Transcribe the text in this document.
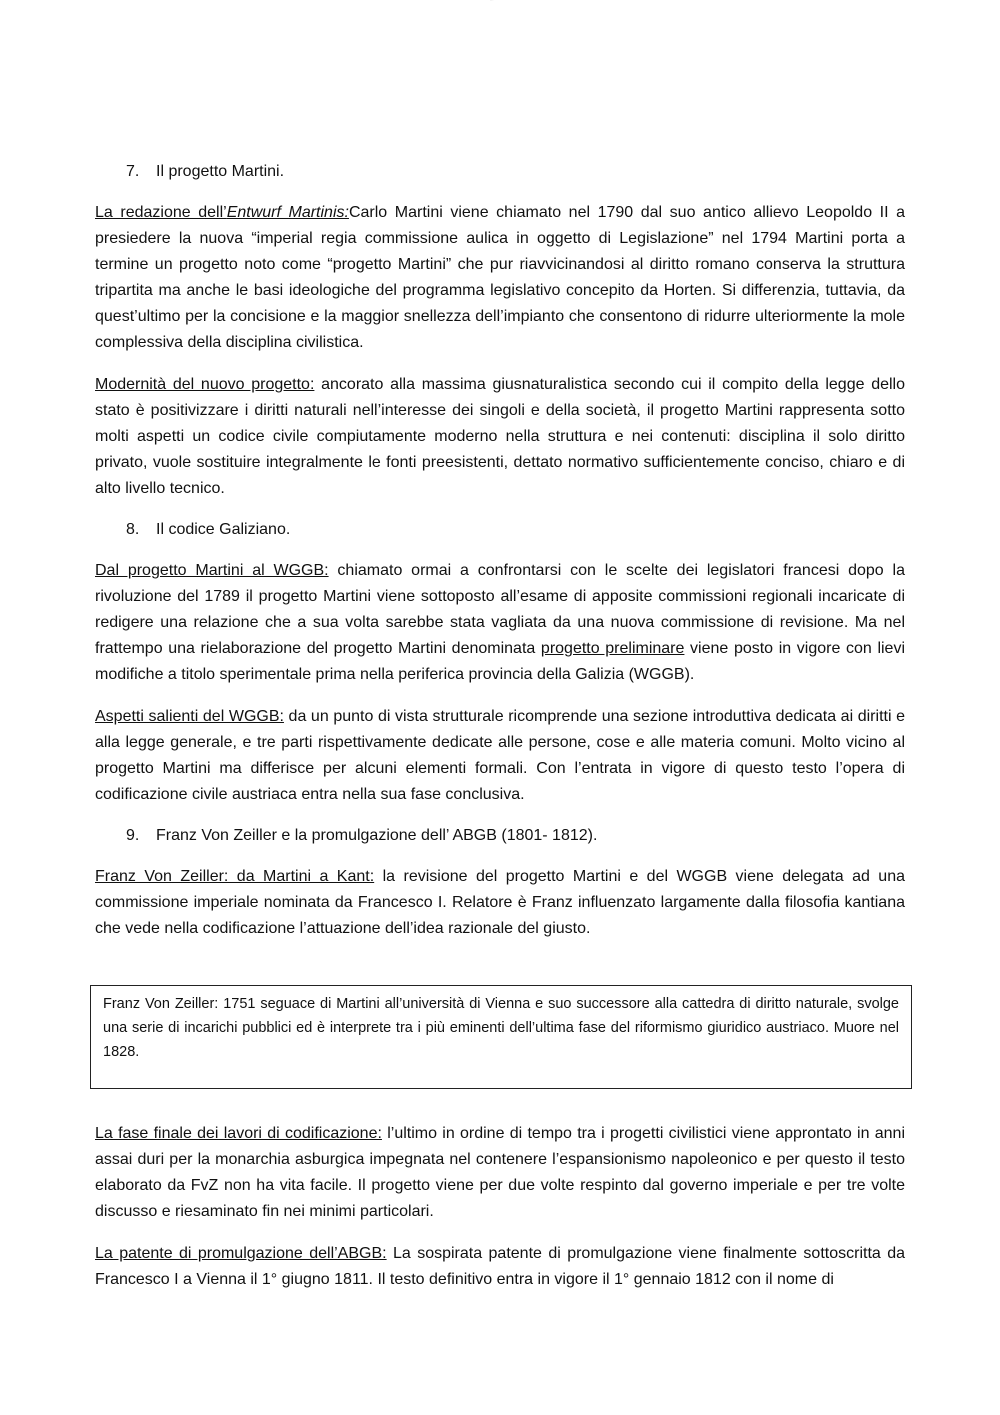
......
7. Il progetto Martini.

La redazione dell’Entwurf Martinis:Carlo Martini viene chiamato nel 1790 dal suo antico allievo Leopoldo II a presiedere la nuova “imperial regia commissione aulica in oggetto di Legislazione” nel 1794 Martini porta a termine un progetto noto come “progetto Martini” che pur riavvicinandosi al diritto romano conserva la struttura tripartita ma anche le basi ideologiche del programma legislativo concepito da Horten. Si differenzia, tuttavia, da quest’ultimo per la concisione e la maggior snellezza dell’impianto che consentono di ridurre ulteriormente la mole complessiva della disciplina civilistica.

Modernità del nuovo progetto: ancorato alla massima giusnaturalistica secondo cui il compito della legge dello stato è positivizzare i diritti naturali nell’interesse dei singoli e della società, il progetto Martini rappresenta sotto molti aspetti un codice civile compiutamente moderno nella struttura e nei contenuti: disciplina il solo diritto privato, vuole sostituire integralmente le fonti preesistenti, dettato normativo sufficientemente conciso, chiaro e di alto livello tecnico.

8. Il codice Galiziano.

Dal progetto Martini al WGGB: chiamato ormai a confrontarsi con le scelte dei legislatori francesi dopo la rivoluzione del 1789 il progetto Martini viene sottoposto all’esame di apposite commissioni regionali incaricate di redigere una relazione che a sua volta sarebbe stata vagliata da una nuova commissione di revisione. Ma nel frattempo una rielaborazione del progetto Martini denominata progetto preliminare viene posto in vigore con lievi modifiche a titolo sperimentale prima nella periferica provincia della Galizia (WGGB).

Aspetti salienti del WGGB: da un punto di vista strutturale ricomprende una sezione introduttiva dedicata ai diritti e alla legge generale, e tre parti rispettivamente dedicate alle persone, cose e alle materia comuni. Molto vicino al progetto Martini ma differisce per alcuni elementi formali. Con l’entrata in vigore di questo testo l’opera di codificazione civile austriaca entra nella sua fase conclusiva.

9. Franz Von Zeiller e la promulgazione dell’ ABGB (1801- 1812).

Franz Von Zeiller: da Martini a Kant: la revisione del progetto Martini e del WGGB viene delegata ad una commissione imperiale nominata da Francesco I. Relatore è Franz influenzato largamente dalla filosofia kantiana che vede nella codificazione l’attuazione dell’idea razionale del giusto.

Franz Von Zeiller: 1751 seguace di Martini all’università di Vienna e suo successore alla cattedra di diritto naturale, svolge una serie di incarichi pubblici ed è interprete tra i più eminenti dell’ultima fase del riformismo giuridico austriaco. Muore nel 1828.

La fase finale dei lavori di codificazione: l’ultimo in ordine di tempo tra i progetti civilistici viene approntato in anni assai duri per la monarchia asburgica impegnata nel contenere l’espansionismo napoleonico e per questo il testo elaborato da FvZ non ha vita facile. Il progetto viene per due volte respinto dal governo imperiale e per tre volte discusso e riesaminato fin nei minimi particolari.

La patente di promulgazione dell’ABGB: La sospirata patente di promulgazione viene finalmente sottoscritta da Francesco I a Vienna il 1° giugno 1811. Il testo definitivo entra in vigore il 1° gennaio 1812 con il nome di
